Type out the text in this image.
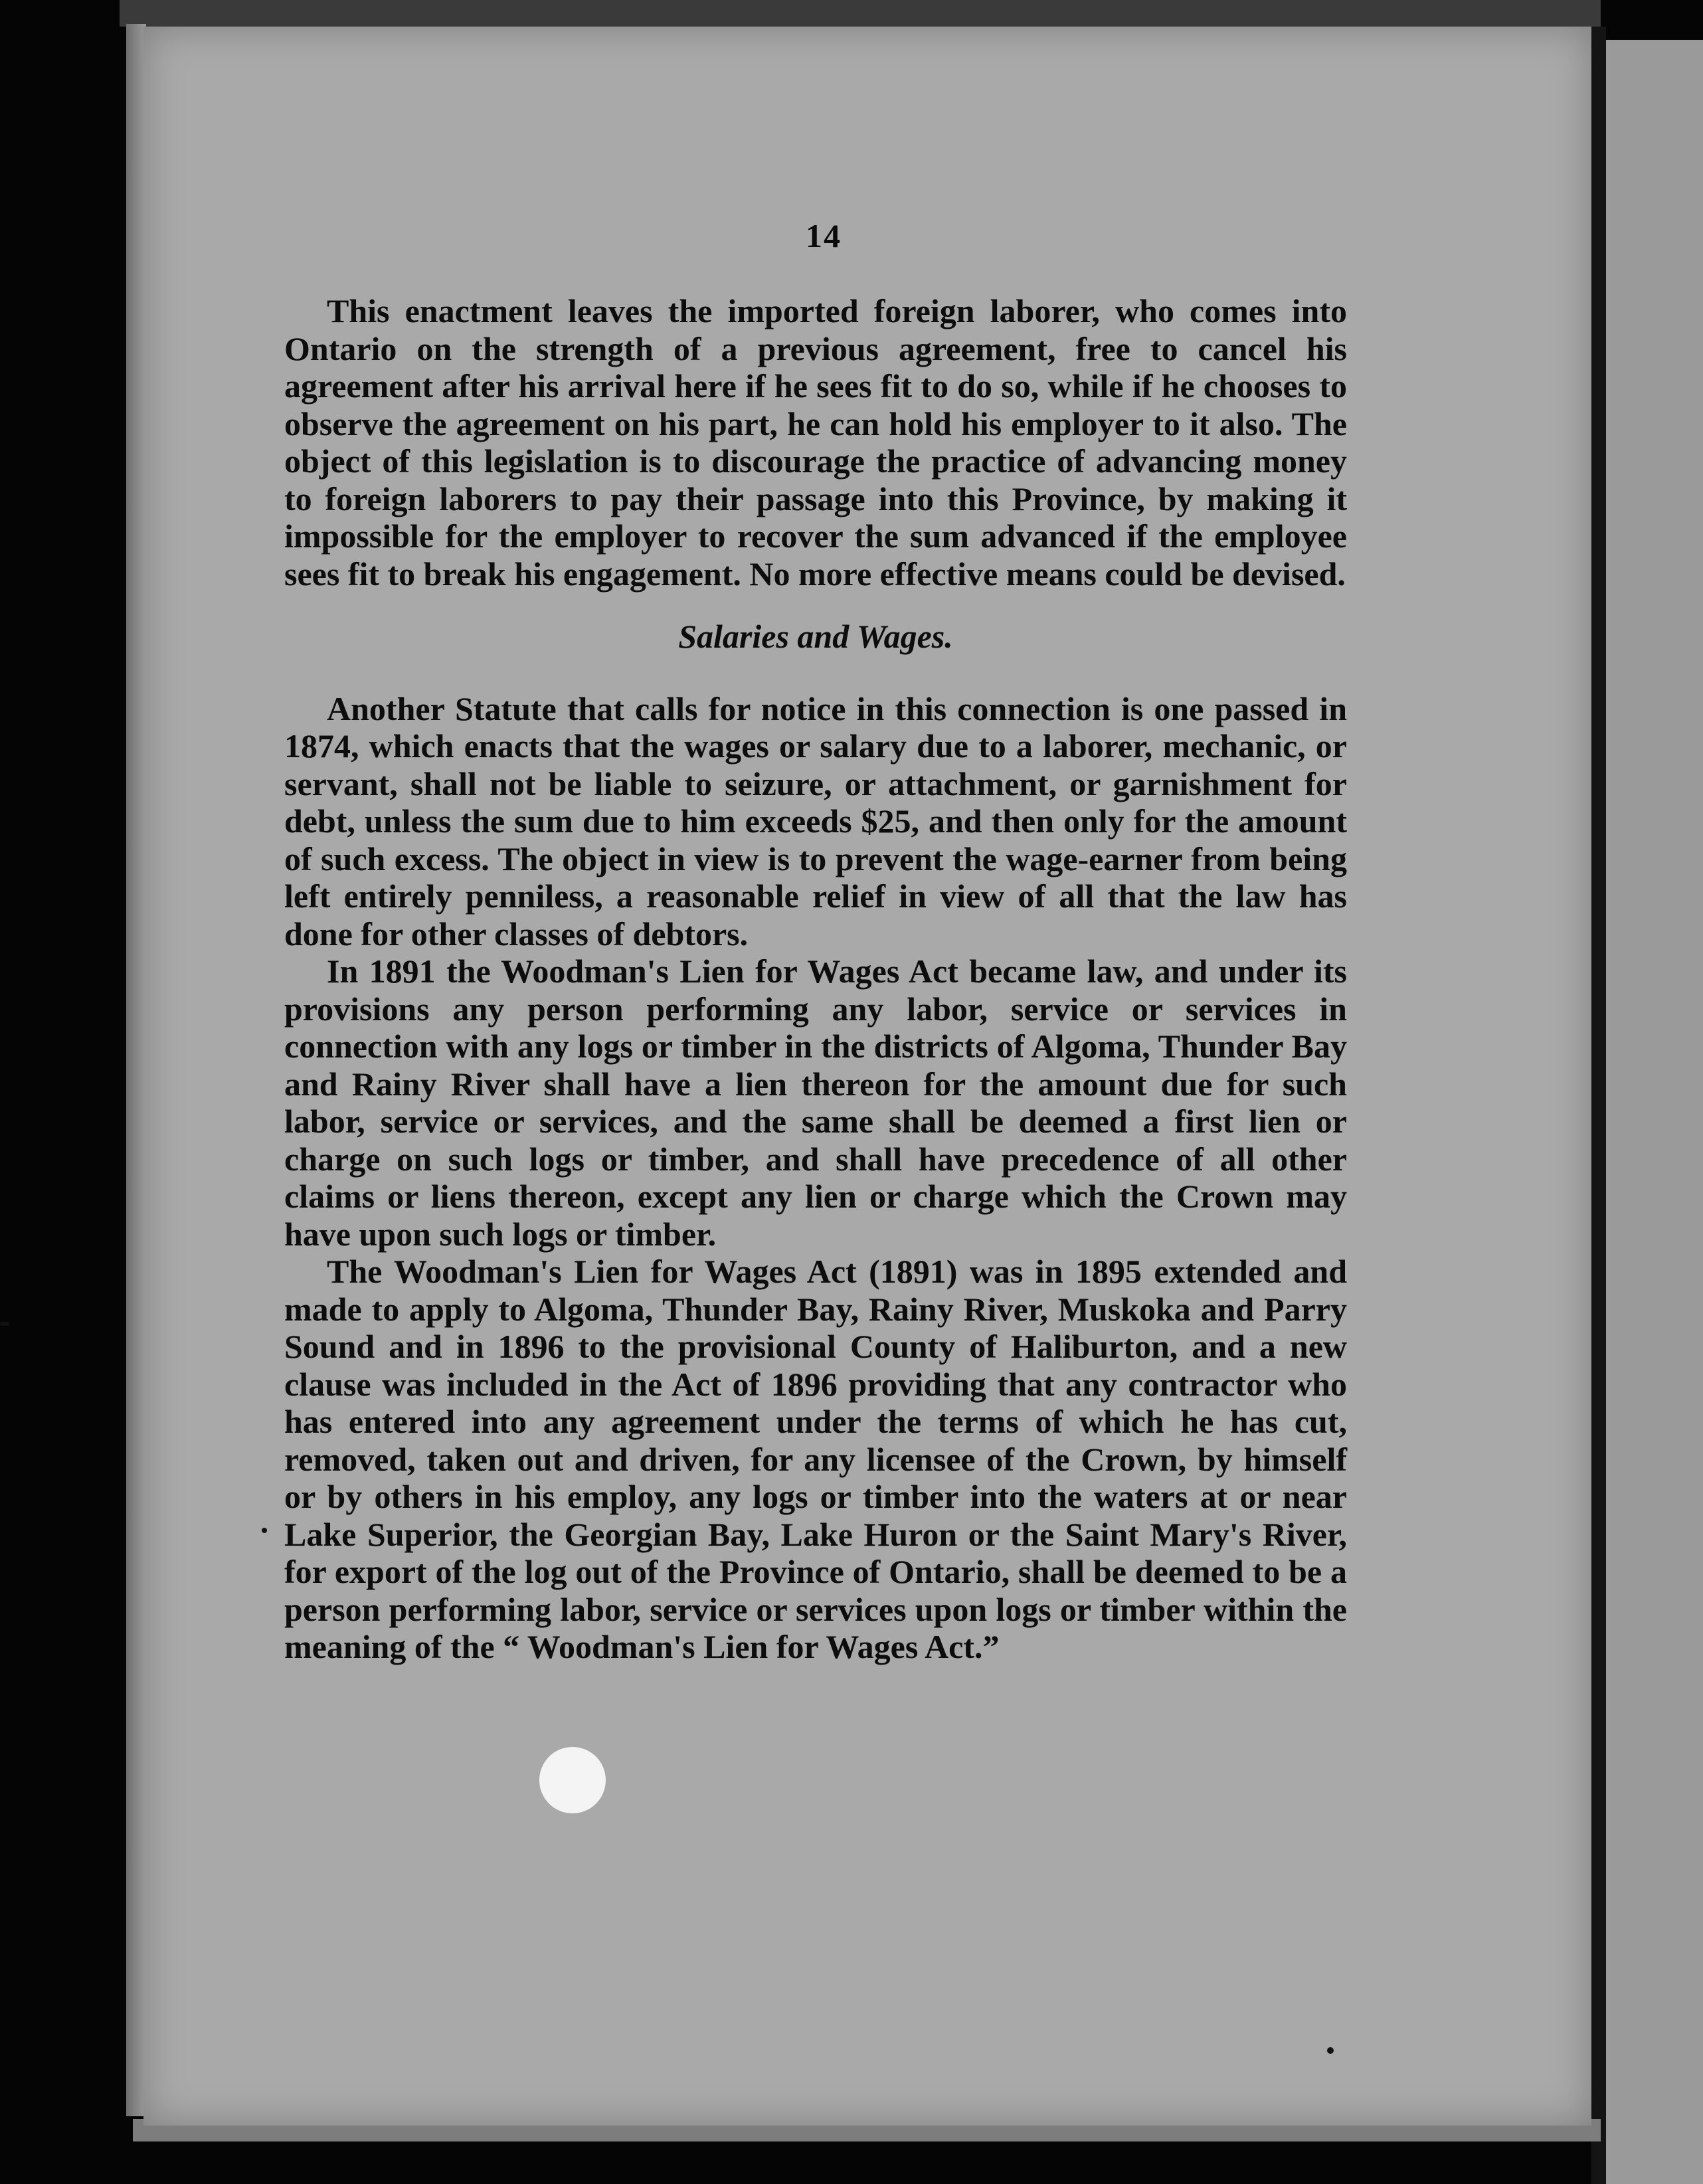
14

This enactment leaves the imported foreign laborer, who comes into Ontario on the strength of a previous agreement, free to cancel his agreement after his arrival here if he sees fit to do so, while if he chooses to observe the agreement on his part, he can hold his employer to it also. The object of this legislation is to discourage the practice of advancing money to foreign laborers to pay their passage into this Province, by making it impossible for the employer to recover the sum advanced if the employee sees fit to break his engagement. No more effective means could be devised.

Salaries and Wages.

Another Statute that calls for notice in this connection is one passed in 1874, which enacts that the wages or salary due to a laborer, mechanic, or servant, shall not be liable to seizure, or attachment, or garnishment for debt, unless the sum due to him exceeds $25, and then only for the amount of such excess. The object in view is to prevent the wage-earner from being left entirely penniless, a reasonable relief in view of all that the law has done for other classes of debtors.

In 1891 the Woodman's Lien for Wages Act became law, and under its provisions any person performing any labor, service or services in connection with any logs or timber in the districts of Algoma, Thunder Bay and Rainy River shall have a lien thereon for the amount due for such labor, service or services, and the same shall be deemed a first lien or charge on such logs or timber, and shall have precedence of all other claims or liens thereon, except any lien or charge which the Crown may have upon such logs or timber.

The Woodman's Lien for Wages Act (1891) was in 1895 extended and made to apply to Algoma, Thunder Bay, Rainy River, Muskoka and Parry Sound and in 1896 to the provisional County of Haliburton, and a new clause was included in the Act of 1896 providing that any contractor who has entered into any agreement under the terms of which he has cut, removed, taken out and driven, for any licensee of the Crown, by himself or by others in his employ, any logs or timber into the waters at or near Lake Superior, the Georgian Bay, Lake Huron or the Saint Mary's River, for export of the log out of the Province of Ontario, shall be deemed to be a person performing labor, service or services upon logs or timber within the meaning of the “ Woodman's Lien for Wages Act.”
